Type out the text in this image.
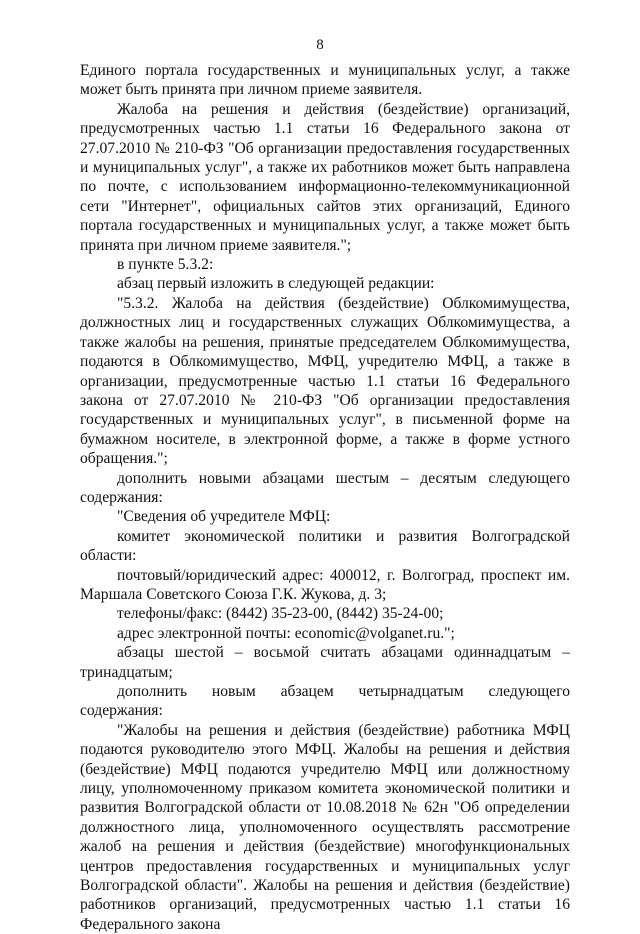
8

Единого портала государственных и муниципальных услуг, а также может быть принята при личном приеме заявителя.

Жалоба на решения и действия (бездействие) организаций, предусмотренных частью 1.1 статьи 16 Федерального закона от 27.07.2010 № 210-ФЗ "Об организации предоставления государственных и муниципальных услуг", а также их работников может быть направлена по почте, с использованием информационно-телекоммуникационной сети "Интернет", официальных сайтов этих организаций, Единого портала государственных и муниципальных услуг, а также может быть принята при личном приеме заявителя.";

в пункте 5.3.2:

абзац первый изложить в следующей редакции:

"5.3.2. Жалоба на действия (бездействие) Облкомимущества, должностных лиц и государственных служащих Облкомимущества, а также жалобы на решения, принятые председателем Облкомимущества, подаются в Облкомимущество, МФЦ, учредителю МФЦ, а также в организации, предусмотренные частью 1.1 статьи 16 Федерального закона от 27.07.2010 № 210-ФЗ "Об организации предоставления государственных и муниципальных услуг", в письменной форме на бумажном носителе, в электронной форме, а также в форме устного обращения.";

дополнить новыми абзацами шестым – десятым следующего содержания:

"Сведения об учредителе МФЦ:

комитет экономической политики и развития Волгоградской области:

почтовый/юридический адрес: 400012, г. Волгоград, проспект им. Маршала Советского Союза Г.К. Жукова, д. 3;

телефоны/факс: (8442) 35-23-00, (8442) 35-24-00;

адрес электронной почты: economic@volganet.ru.";

абзацы шестой – восьмой считать абзацами одиннадцатым – тринадцатым;

дополнить новым абзацем четырнадцатым следующего содержания:

"Жалобы на решения и действия (бездействие) работника МФЦ подаются руководителю этого МФЦ. Жалобы на решения и действия (бездействие) МФЦ подаются учредителю МФЦ или должностному лицу, уполномоченному приказом комитета экономической политики и развития Волгоградской области от 10.08.2018 № 62н "Об определении должностного лица, уполномоченного осуществлять рассмотрение жалоб на решения и действия (бездействие) многофункциональных центров предоставления государственных и муниципальных услуг Волгоградской области". Жалобы на решения и действия (бездействие) работников организаций, предусмотренных частью 1.1 статьи 16 Федерального закона
